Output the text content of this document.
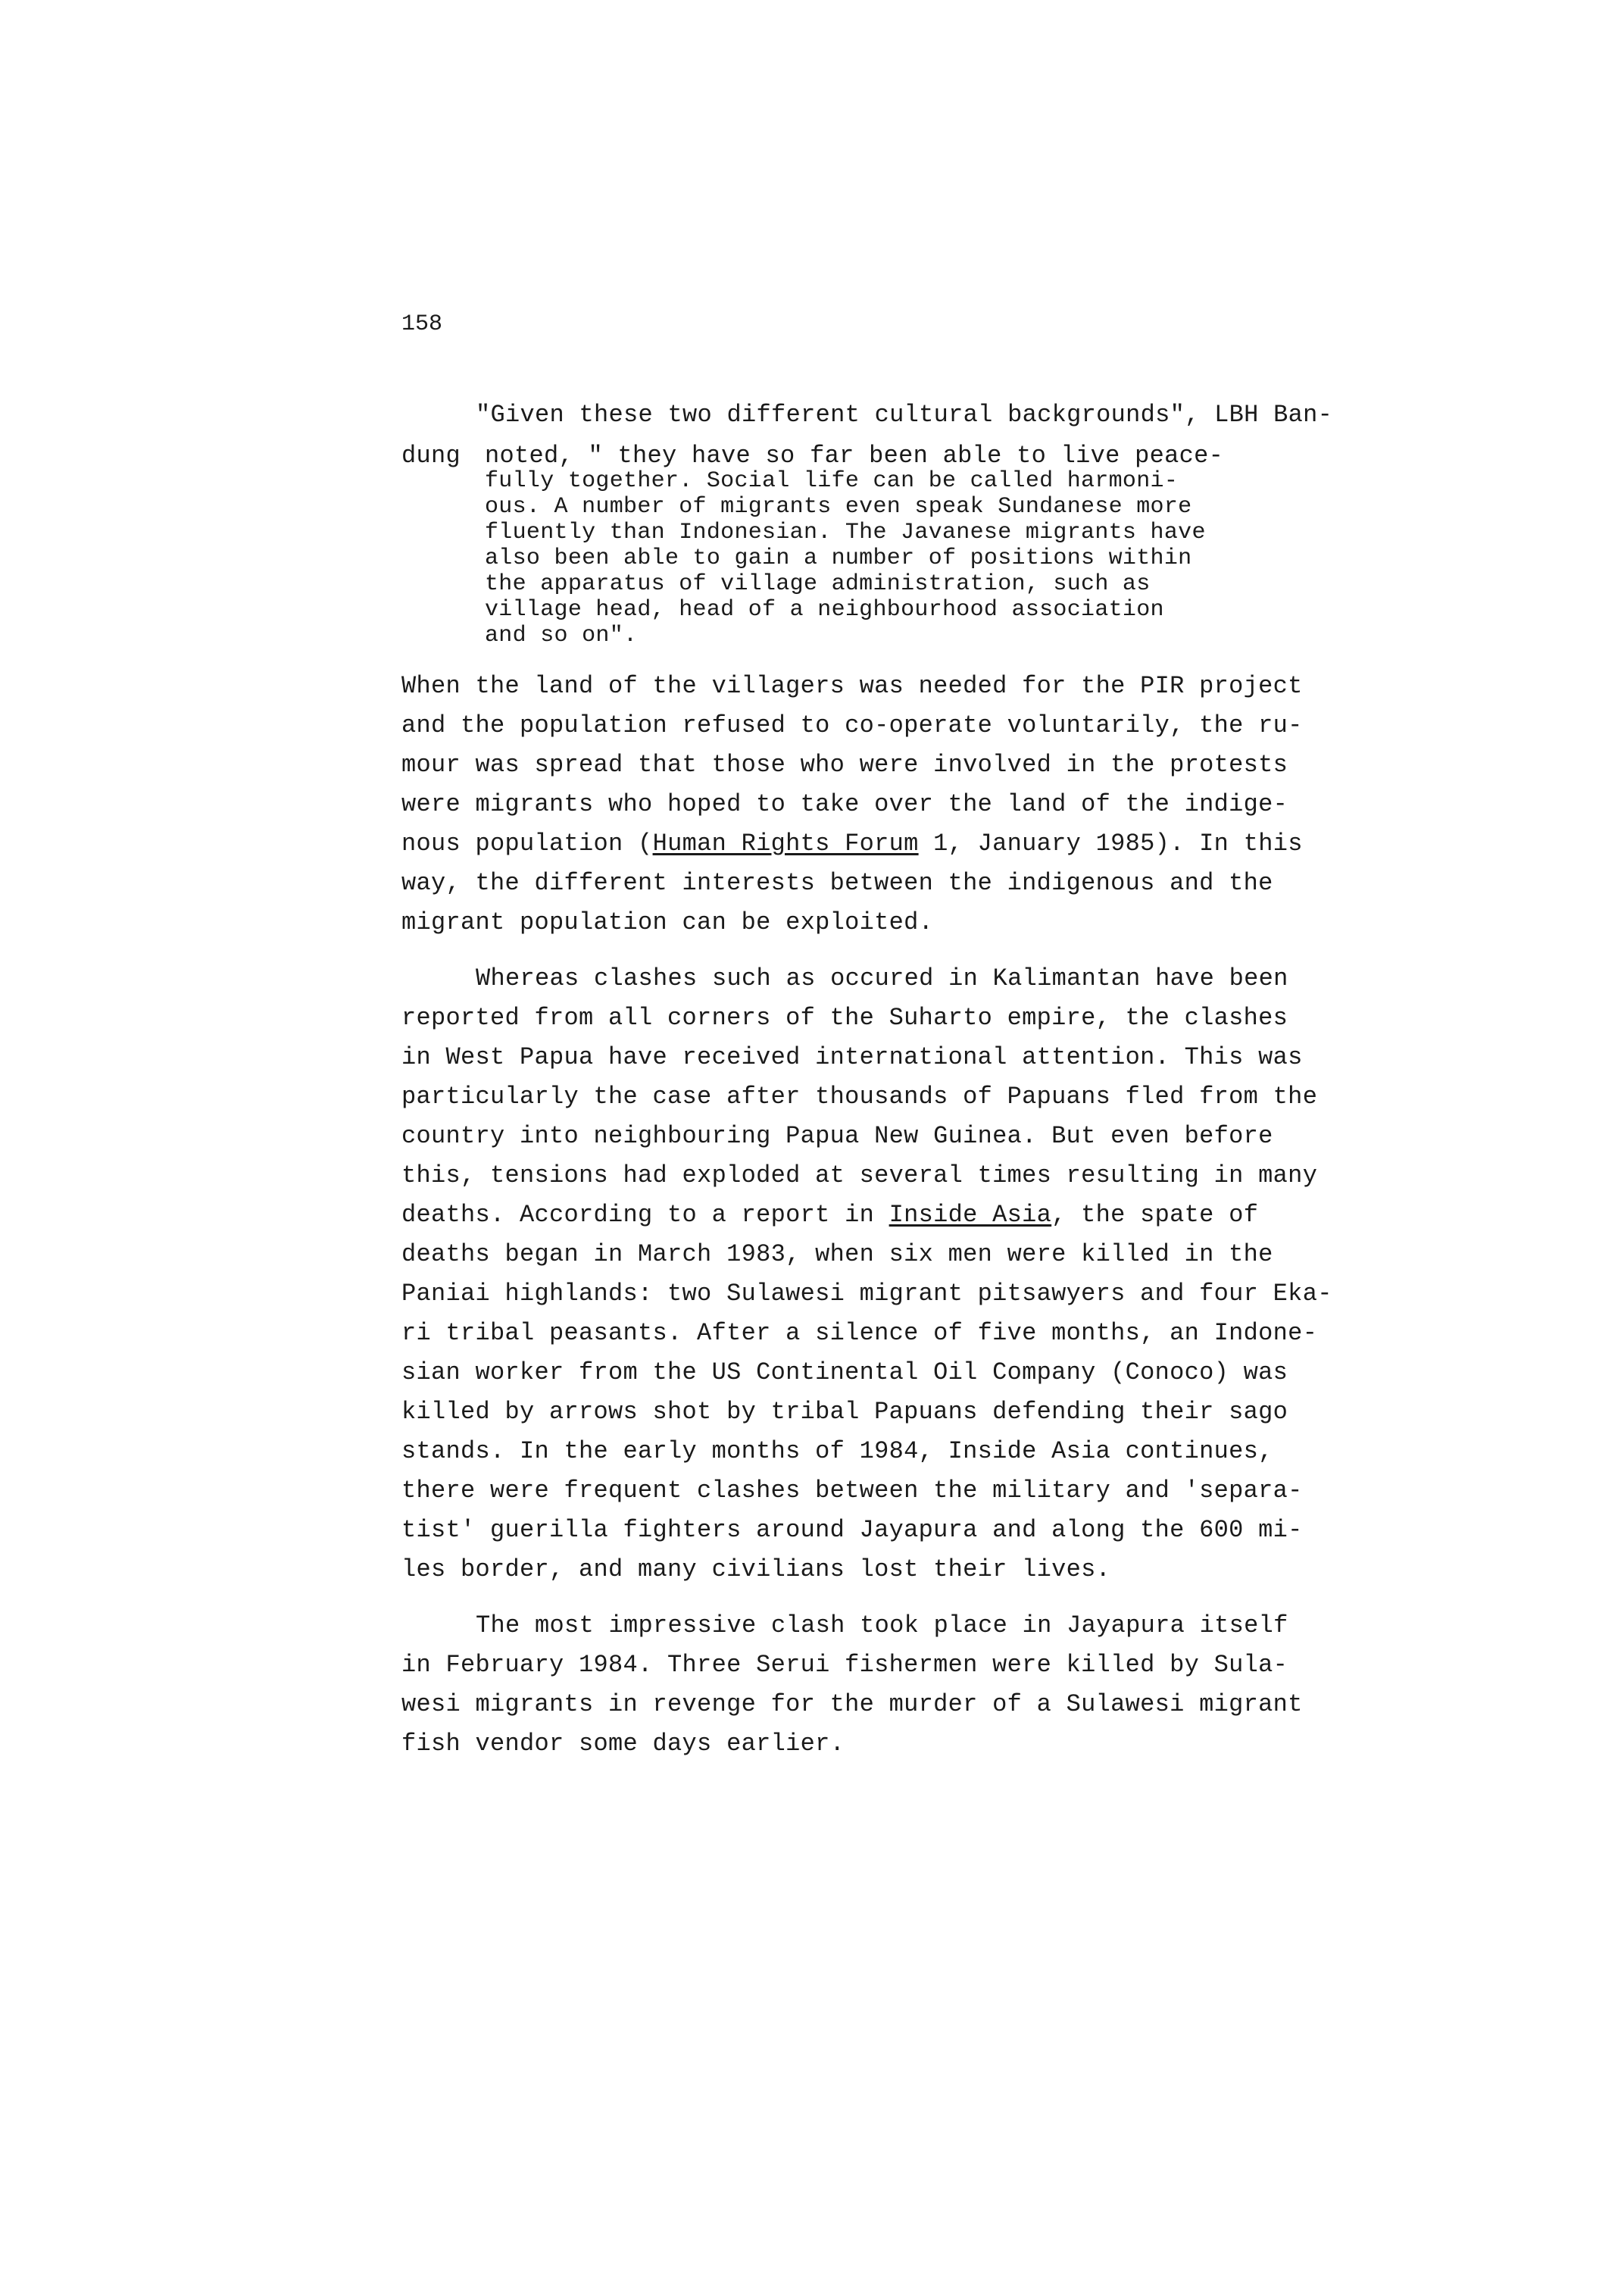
158
"Given these two different cultural backgrounds", LBH Ban-
dung noted, " they have so far been able to live peace-
fully together. Social life can be called harmoni-
ous. A number of migrants even speak Sundanese more
fluently than Indonesian. The Javanese migrants have
also been able to gain a number of positions within
the apparatus of village administration, such as
village head, head of a neighbourhood association
and so on".
When the land of the villagers was needed for the PIR project
and the population refused to co-operate voluntarily, the ru-
mour was spread that those who were involved in the protests
were migrants who hoped to take over the land of the indige-
nous population (Human Rights Forum 1, January 1985). In this
way, the different interests between the indigenous and the
migrant population can be exploited.
Whereas clashes such as occured in Kalimantan have been
reported from all corners of the Suharto empire, the clashes
in West Papua have received international attention. This was
particularly the case after thousands of Papuans fled from the
country into neighbouring Papua New Guinea. But even before
this, tensions had exploded at several times resulting in many
deaths. According to a report in Inside Asia, the spate of
deaths began in March 1983, when six men were killed in the
Paniai highlands: two Sulawesi migrant pitsawyers and four Eka-
ri tribal peasants. After a silence of five months, an Indone-
sian worker from the US Continental Oil Company (Conoco) was
killed by arrows shot by tribal Papuans defending their sago
stands. In the early months of 1984, Inside Asia continues,
there were frequent clashes between the military and 'separa-
tist' guerilla fighters around Jayapura and along the 600 mi-
les border, and many civilians lost their lives.
The most impressive clash took place in Jayapura itself
in February 1984. Three Serui fishermen were killed by Sula-
wesi migrants in revenge for the murder of a Sulawesi migrant
fish vendor some days earlier.
